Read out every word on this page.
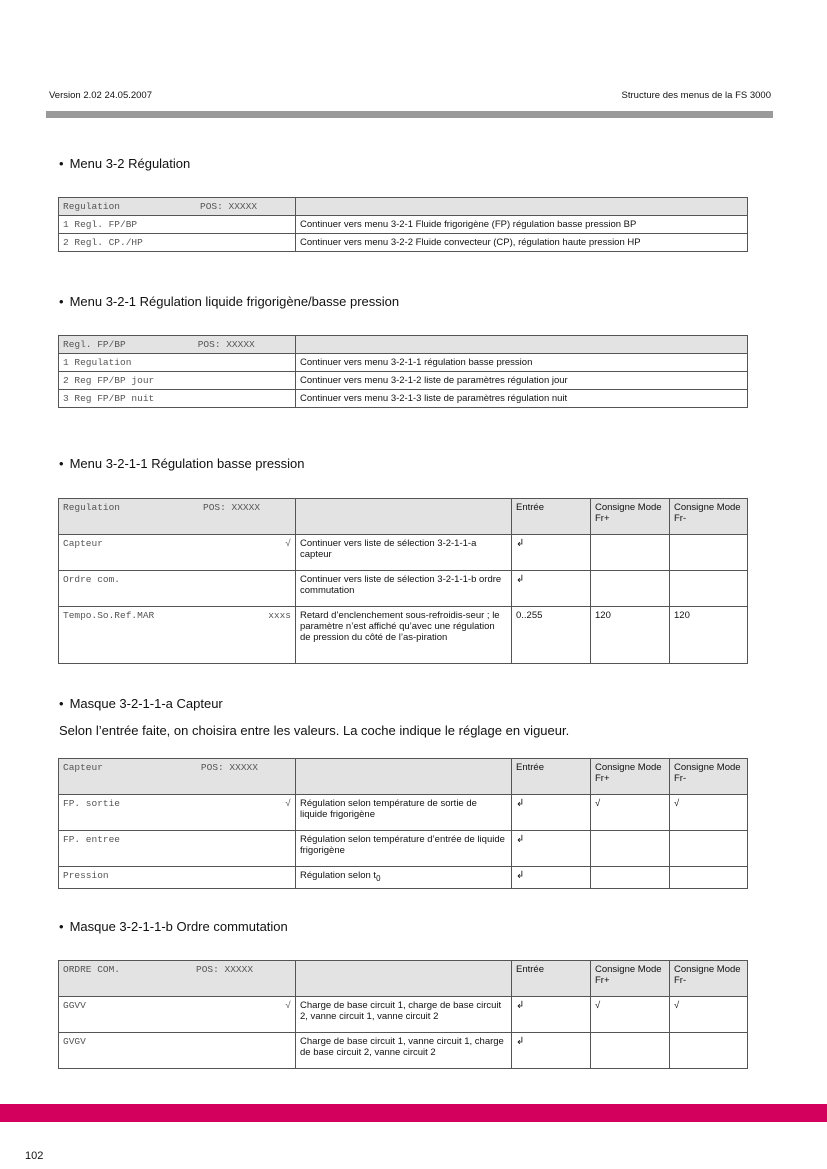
Version 2.02 24.05.2007	Structure des menus de la FS 3000
• Menu 3-2 Régulation
Regulation POS: XXXXX	
1 Regl. FP/BP	Continuer vers menu 3-2-1 Fluide frigorigène (FP) régulation basse pression BP
2 Regl. CP./HP	Continuer vers menu 3-2-2 Fluide convecteur (CP), régulation haute pression HP
• Menu 3-2-1 Régulation liquide frigorigène/basse pression
Regl. FP/BP POS: XXXXX	
1 Regulation	Continuer vers menu 3-2-1-1 régulation basse pression
2 Reg FP/BP jour	Continuer vers menu 3-2-1-2 liste de paramètres régulation jour
3 Reg FP/BP nuit	Continuer vers menu 3-2-1-3 liste de paramètres régulation nuit
• Menu 3-2-1-1 Régulation basse pression
Regulation POS: XXXXX		Entrée	Consigne Mode Fr+	Consigne Mode Fr-
Capteur √	Continuer vers liste de sélection 3-2-1-1-a capteur	↲		
Ordre com.	Continuer vers liste de sélection 3-2-1-1-b ordre commutation	↲		
Tempo.So.Ref.MAR xxxs	Retard d’enclenchement sous-refroidis-seur ; le paramètre n’est affiché qu’avec une régulation de pression du côté de l’as-piration	0..255	120	120
• Masque 3-2-1-1-a Capteur
Selon l’entrée faite, on choisira entre les valeurs. La coche indique le réglage en vigueur.
Capteur POS: XXXXX		Entrée	Consigne Mode Fr+	Consigne Mode Fr-
FP. sortie √	Régulation selon température de sortie de liquide frigorigène	↲	√	√
FP. entree	Régulation selon température d’entrée de liquide frigorigène	↲		
Pression	Régulation selon $t_0$	↲		
• Masque 3-2-1-1-b Ordre commutation
ORDRE COM. POS: XXXXX		Entrée	Consigne Mode Fr+	Consigne Mode Fr-
GGVV √	Charge de base circuit 1, charge de base circuit 2, vanne circuit 1, vanne circuit 2	↲	√	√
GVGV	Charge de base circuit 1, vanne circuit 1, charge de base circuit 2, vanne circuit 2	↲		
102
